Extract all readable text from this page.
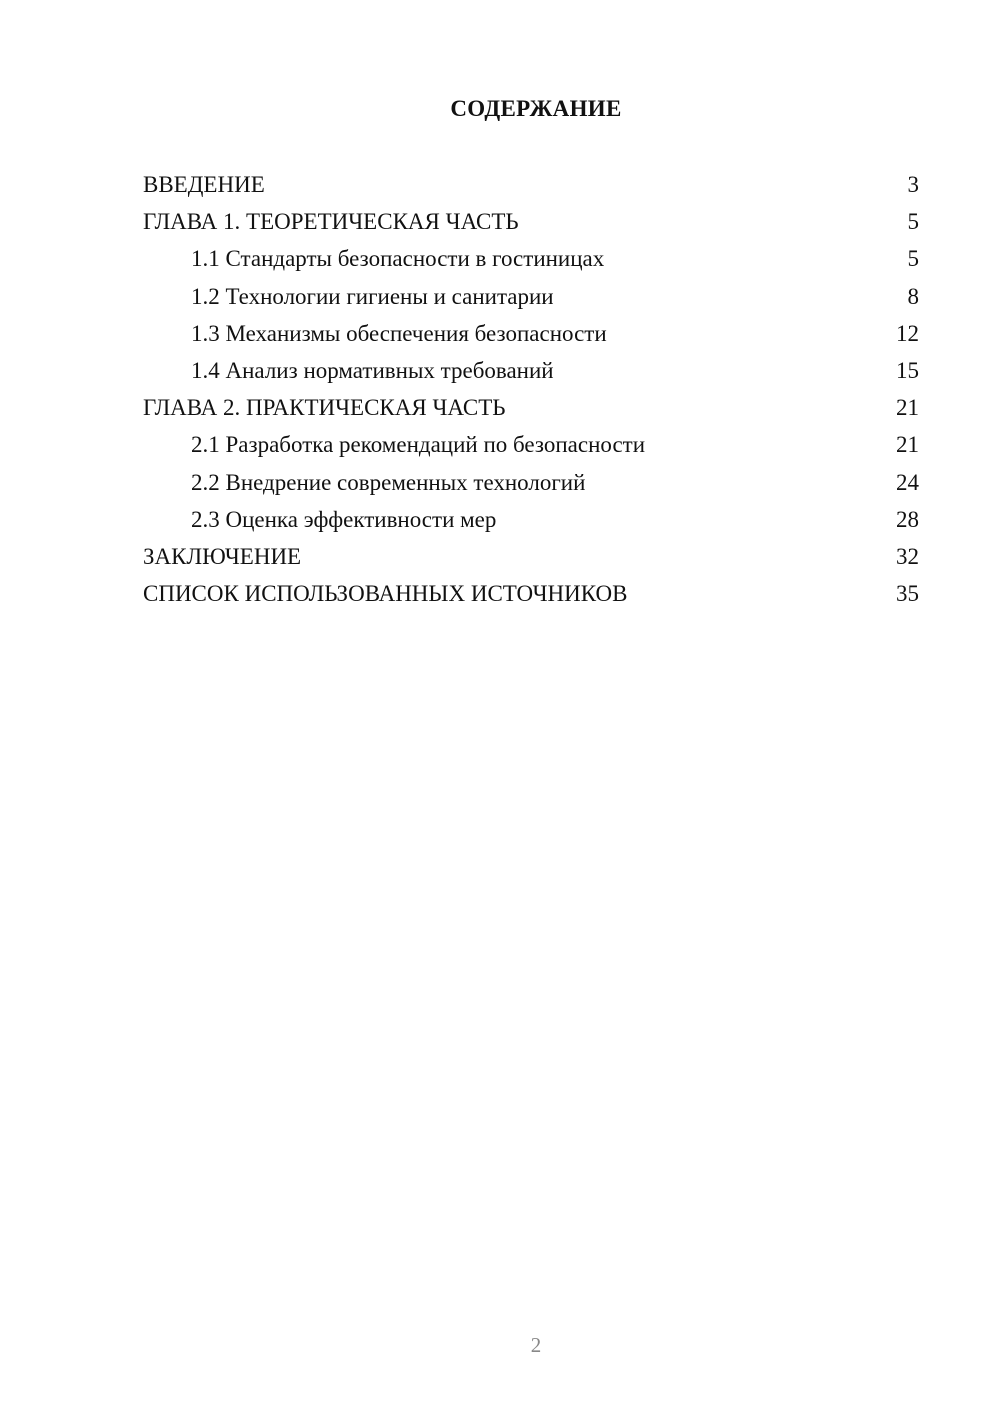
СОДЕРЖАНИЕ
ВВЕДЕНИЕ	3
ГЛАВА 1. ТЕОРЕТИЧЕСКАЯ ЧАСТЬ	5
1.1 Стандарты безопасности в гостиницах	5
1.2 Технологии гигиены и санитарии	8
1.3 Механизмы обеспечения безопасности	12
1.4 Анализ нормативных требований	15
ГЛАВА 2. ПРАКТИЧЕСКАЯ ЧАСТЬ	21
2.1 Разработка рекомендаций по безопасности	21
2.2 Внедрение современных технологий	24
2.3 Оценка эффективности мер	28
ЗАКЛЮЧЕНИЕ	32
СПИСОК ИСПОЛЬЗОВАННЫХ ИСТОЧНИКОВ	35
2
